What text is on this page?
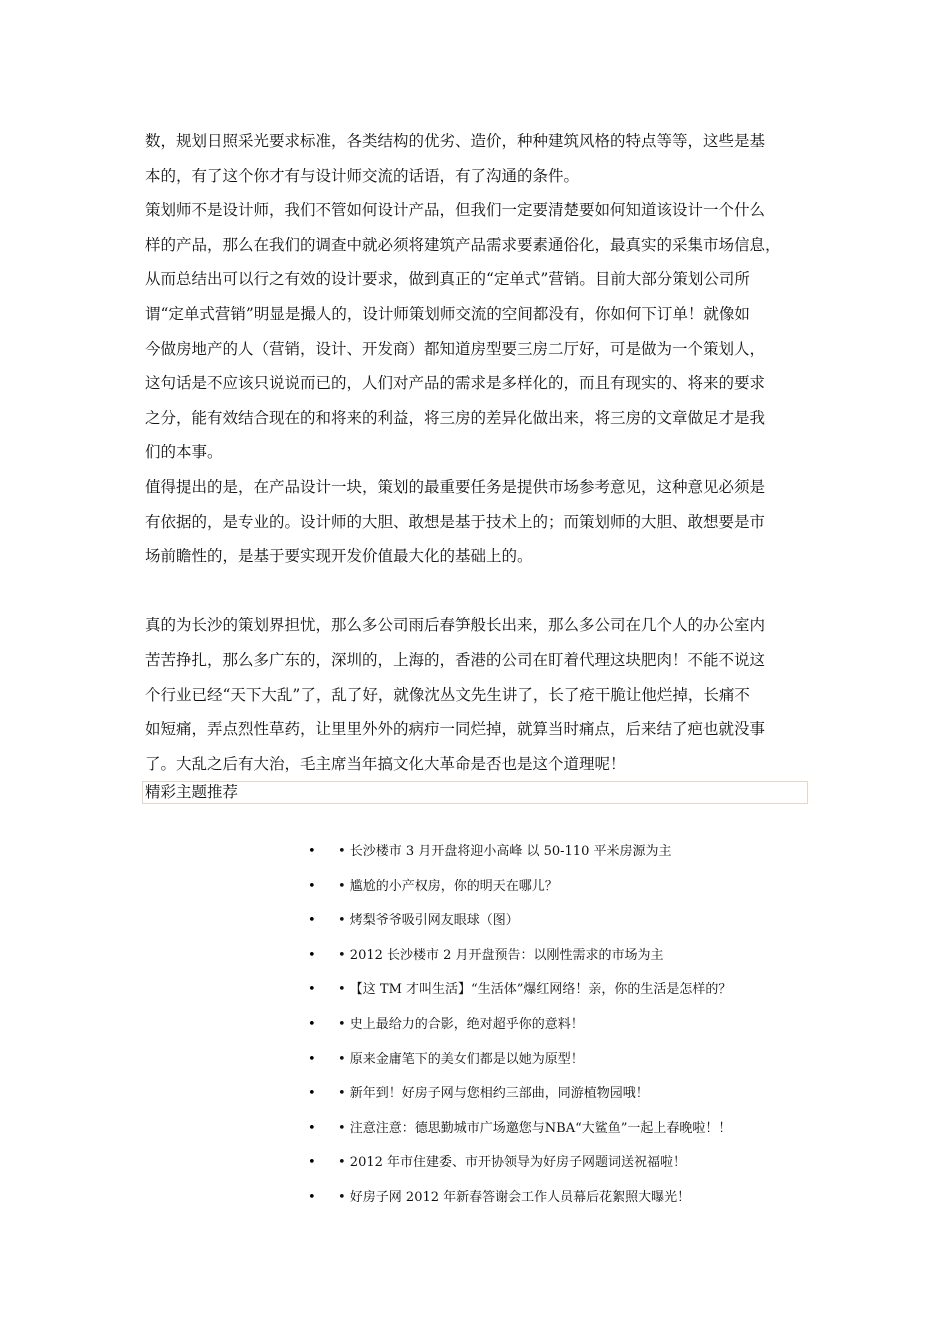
数，规划日照采光要求标准，各类结构的优劣、造价，种种建筑风格的特点等等，这些是基

本的，有了这个你才有与设计师交流的话语，有了沟通的条件。

策划师不是设计师，我们不管如何设计产品，但我们一定要清楚要如何知道该设计一个什么

样的产品，那么在我们的调查中就必须将建筑产品需求要素通俗化，最真实的采集市场信息，

从而总结出可以行之有效的设计要求，做到真正的“定单式”营销。目前大部分策划公司所

谓“定单式营销”明显是撮人的，设计师策划师交流的空间都没有，你如何下订单！就像如

今做房地产的人（营销，设计、开发商）都知道房型要三房二厅好，可是做为一个策划人，

这句话是不应该只说说而已的，人们对产品的需求是多样化的，而且有现实的、将来的要求

之分，能有效结合现在的和将来的利益，将三房的差异化做出来，将三房的文章做足才是我

们的本事。

值得提出的是，在产品设计一块，策划的最重要任务是提供市场参考意见，这种意见必须是

有依据的，是专业的。设计师的大胆、敢想是基于技术上的；而策划师的大胆、敢想要是市

场前瞻性的，是基于要实现开发价值最大化的基础上的。

真的为长沙的策划界担忧，那么多公司雨后春笋般长出来，那么多公司在几个人的办公室内

苦苦挣扎，那么多广东的，深圳的，上海的，香港的公司在盯着代理这块肥肉！不能不说这

个行业已经“天下大乱”了，乱了好，就像沈丛文先生讲了，长了疮干脆让他烂掉，长痛不

如短痛，弄点烈性草药，让里里外外的病疖一同烂掉，就算当时痛点，后来结了疤也就没事

了。大乱之后有大治，毛主席当年搞文化大革命是否也是这个道理呢！

精彩主题推荐
•	• 长沙楼市 3 月开盘将迎小高峰 以 50-110 平米房源为主
•	• 尴尬的小产权房，你的明天在哪儿？
•	• 烤梨爷爷吸引网友眼球（图）
•	• 2012 长沙楼市 2 月开盘预告：以刚性需求的市场为主
•	• 【这 TM 才叫生活】“生活体”爆红网络！亲，你的生活是怎样的？
•	• 史上最给力的合影，绝对超乎你的意料！
•	• 原来金庸笔下的美女们都是以她为原型！
•	• 新年到！好房子网与您相约三部曲，同游植物园哦！
•	• 注意注意：德思勤城市广场邀您与NBA“大鲨鱼”一起上春晚啦！！
•	• 2012 年市住建委、市开协领导为好房子网题词送祝福啦！
•	• 好房子网 2012 年新春答谢会工作人员幕后花絮照大曝光！
